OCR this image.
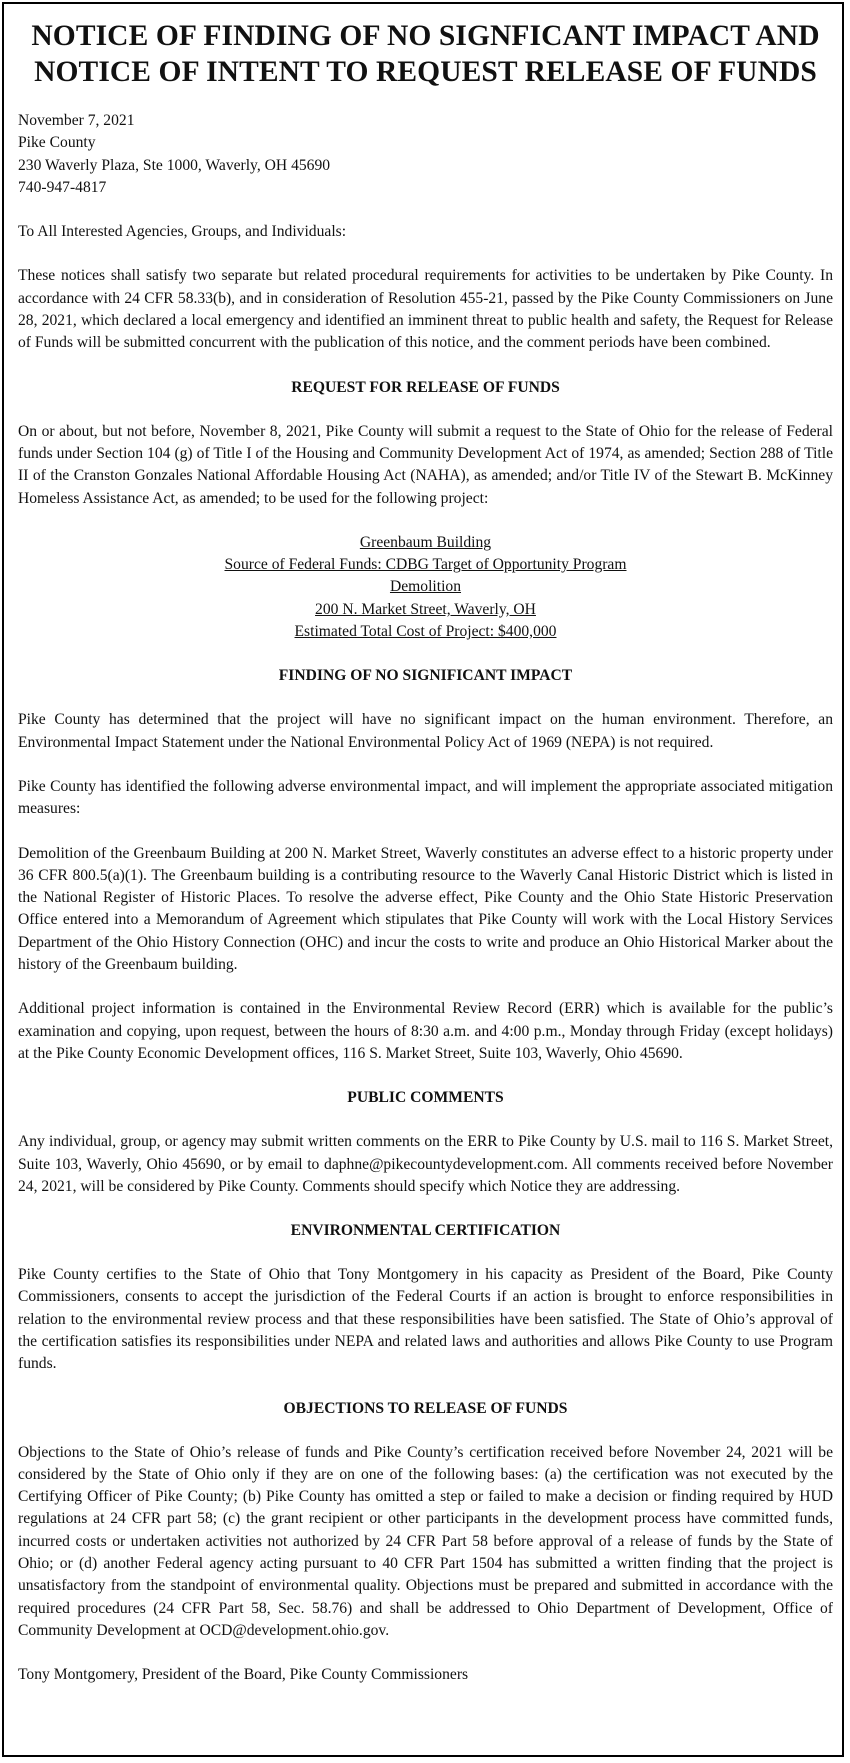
NOTICE OF FINDING OF NO SIGNFICANT IMPACT AND
NOTICE OF INTENT TO REQUEST RELEASE OF FUNDS
November 7, 2021
Pike County
230 Waverly Plaza, Ste 1000, Waverly, OH 45690
740-947-4817

To All Interested Agencies, Groups, and Individuals:

These notices shall satisfy two separate but related procedural requirements for activities to be undertaken by Pike County. In accordance with 24 CFR 58.33(b), and in consideration of Resolution 455-21, passed by the Pike County Commissioners on June 28, 2021, which declared a local emergency and identified an imminent threat to public health and safety, the Request for Release of Funds will be submitted concurrent with the publication of this notice, and the comment periods have been combined.

REQUEST FOR RELEASE OF FUNDS

On or about, but not before, November 8, 2021, Pike County will submit a request to the State of Ohio for the release of Federal funds under Section 104 (g) of Title I of the Housing and Community Development Act of 1974, as amended; Section 288 of Title II of the Cranston Gonzales National Affordable Housing Act (NAHA), as amended; and/or Title IV of the Stewart B. McKinney Homeless Assistance Act, as amended; to be used for the following project:

Greenbaum Building
Source of Federal Funds: CDBG Target of Opportunity Program
Demolition
200 N. Market Street, Waverly, OH
Estimated Total Cost of Project: $400,000
FINDING OF NO SIGNIFICANT IMPACT

Pike County has determined that the project will have no significant impact on the human environment. Therefore, an Environmental Impact Statement under the National Environmental Policy Act of 1969 (NEPA) is not required.

Pike County has identified the following adverse environmental impact, and will implement the appropriate associated mitigation measures:

Demolition of the Greenbaum Building at 200 N. Market Street, Waverly constitutes an adverse effect to a historic property under 36 CFR 800.5(a)(1). The Greenbaum building is a contributing resource to the Waverly Canal Historic District which is listed in the National Register of Historic Places. To resolve the adverse effect, Pike County and the Ohio State Historic Preservation Office entered into a Memorandum of Agreement which stipulates that Pike County will work with the Local History Services Department of the Ohio History Connection (OHC) and incur the costs to write and produce an Ohio Historical Marker about the history of the Greenbaum building.

Additional project information is contained in the Environmental Review Record (ERR) which is available for the public’s examination and copying, upon request, between the hours of 8:30 a.m. and 4:00 p.m., Monday through Friday (except holidays) at the Pike County Economic Development offices, 116 S. Market Street, Suite 103, Waverly, Ohio 45690.

PUBLIC COMMENTS

Any individual, group, or agency may submit written comments on the ERR to Pike County by U.S. mail to 116 S. Market Street, Suite 103, Waverly, Ohio 45690, or by email to daphne@pikecountydevelopment.com. All comments received before November 24, 2021, will be considered by Pike County. Comments should specify which Notice they are addressing.

ENVIRONMENTAL CERTIFICATION

Pike County certifies to the State of Ohio that Tony Montgomery in his capacity as President of the Board, Pike County Commissioners, consents to accept the jurisdiction of the Federal Courts if an action is brought to enforce responsibilities in relation to the environmental review process and that these responsibilities have been satisfied. The State of Ohio’s approval of the certification satisfies its responsibilities under NEPA and related laws and authorities and allows Pike County to use Program funds.

OBJECTIONS TO RELEASE OF FUNDS

Objections to the State of Ohio’s release of funds and Pike County’s certification received before November 24, 2021 will be considered by the State of Ohio only if they are on one of the following bases: (a) the certification was not executed by the Certifying Officer of Pike County; (b) Pike County has omitted a step or failed to make a decision or finding required by HUD regulations at 24 CFR part 58; (c) the grant recipient or other participants in the development process have committed funds, incurred costs or undertaken activities not authorized by 24 CFR Part 58 before approval of a release of funds by the State of Ohio; or (d) another Federal agency acting pursuant to 40 CFR Part 1504 has submitted a written finding that the project is unsatisfactory from the standpoint of environmental quality. Objections must be prepared and submitted in accordance with the required procedures (24 CFR Part 58, Sec. 58.76) and shall be addressed to Ohio Department of Development, Office of Community Development at OCD@development.ohio.gov.

Tony Montgomery, President of the Board, Pike County Commissioners
